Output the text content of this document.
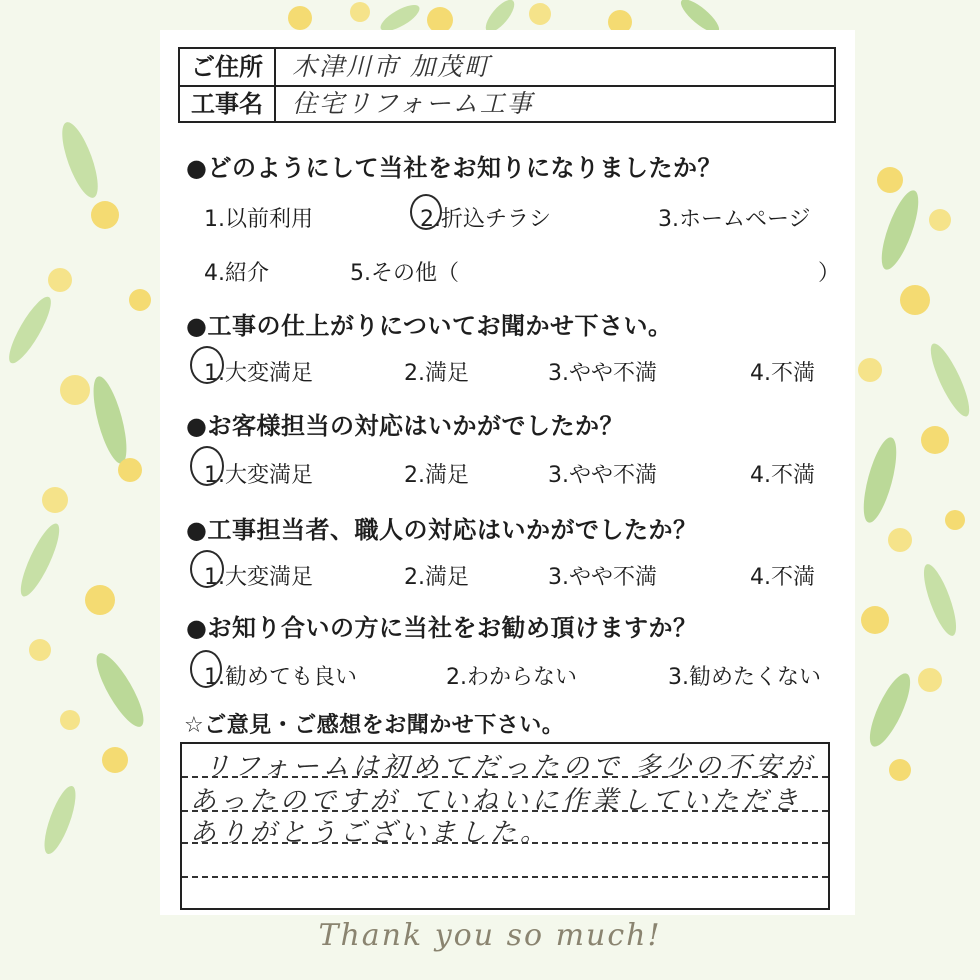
ご住所	木津川市 加茂町
工事名	住宅リフォーム工事
●どのようにして当社をお知りになりましたか？
1.以前利用	2.折込チラシ	3.ホームページ
4.紹介	5.その他（	）
●工事の仕上がりについてお聞かせ下さい。
1.大変満足	2.満足	3.やや不満	4.不満
●お客様担当の対応はいかがでしたか？
1.大変満足	2.満足	3.やや不満	4.不満
●工事担当者、職人の対応はいかがでしたか？
1.大変満足	2.満足	3.やや不満	4.不満
●お知り合いの方に当社をお勧め頂けますか？
1.勧めても良い	2.わからない	3.勧めたくない
☆ご意見・ご感想をお聞かせ下さい。
リフォームは初めてだったので 多少の不安が
あったのですが ていねいに作業していただき
ありがとうございました。
Thank you so much!
